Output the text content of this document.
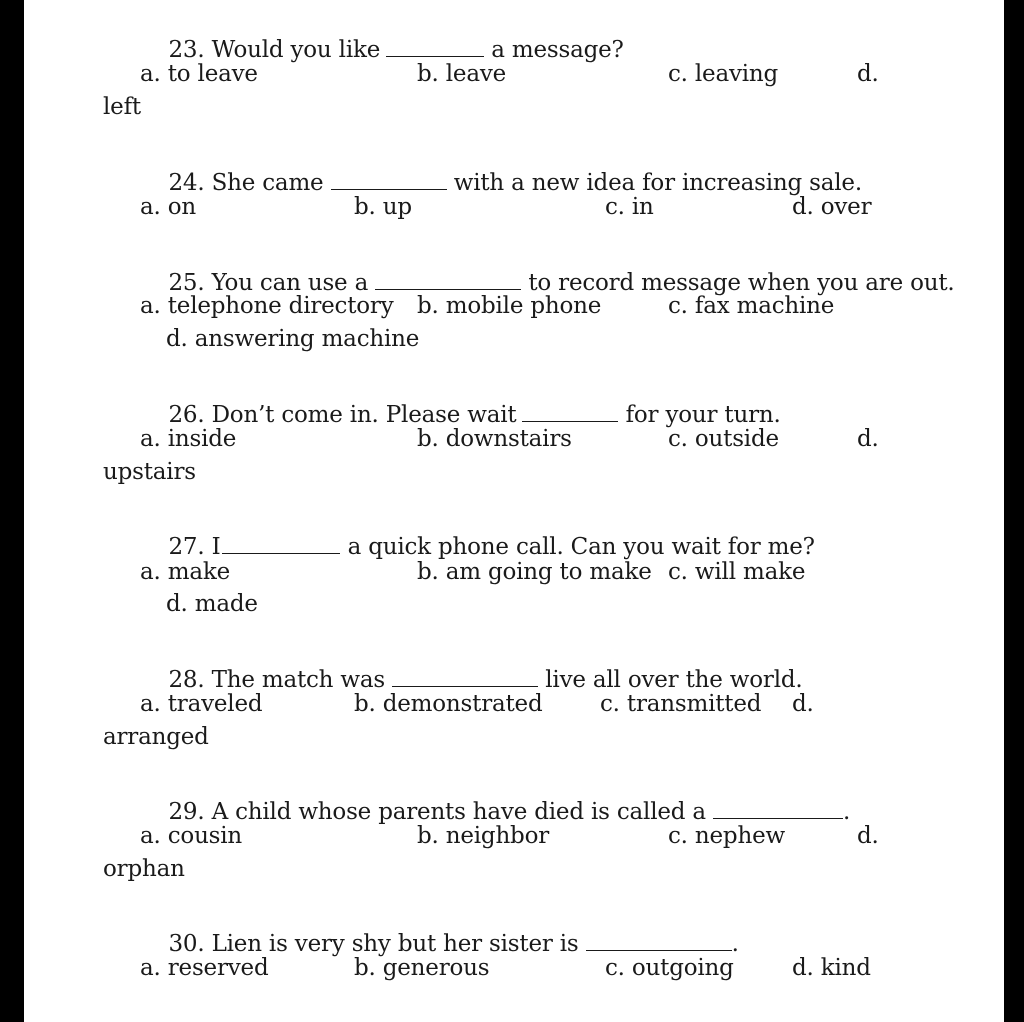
23. Would you like	a message?

a. to leave	b. leave	c. leaving	d.
left

24. She came	with a new idea for increasing sale.

a. on	b. up	c. in	d. over

25. You can use a	to record message when you are out.

a. telephone directory b. mobile phone	c. fax machine
d. answering machine

26. Don’t come in. Please wait	for your turn.

a. inside	b. downstairs	c. outside	d.
upstairs

27. I	a quick phone call. Can you wait for me?

a. make	b. am going to make c. will make
d. made

28. The match was	live all over the world.

a. traveled	b. demonstrated	c. transmitted d.
arranged

29. A child whose parents have died is called a	.

a. cousin	b. neighbor	c. nephew	d.
orphan

30. Lien is very shy but her sister is	.

a. reserved	b. generous	c. outgoing	d. kind
